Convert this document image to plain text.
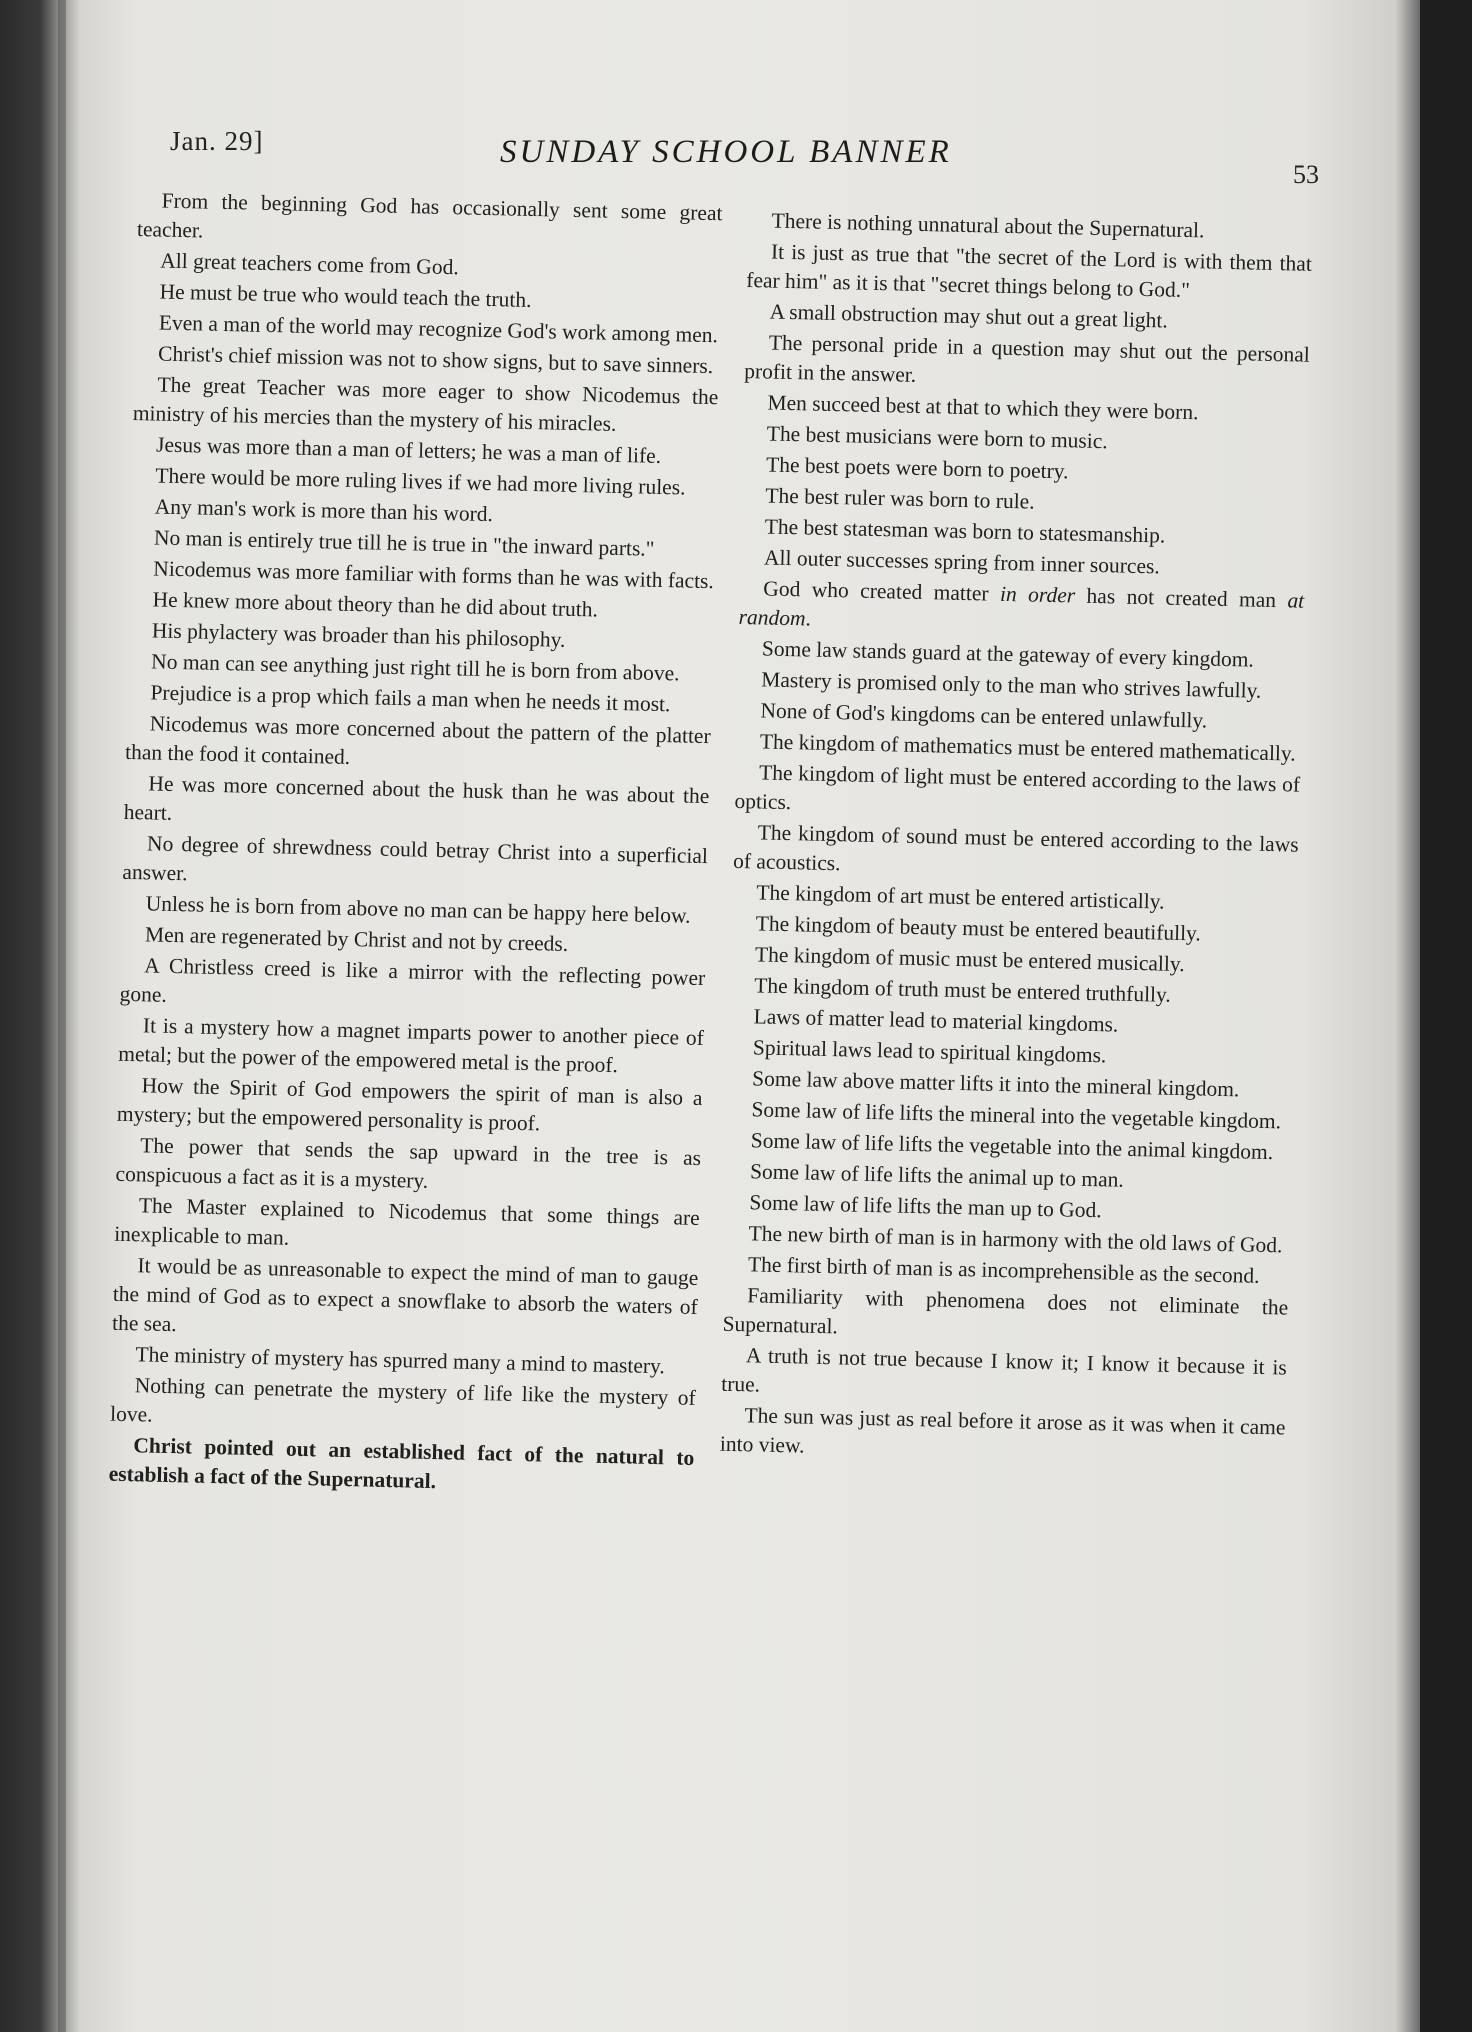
Jan. 29]	SUNDAY SCHOOL BANNER
53

From the beginning God has occasionally sent some great teacher.

All great teachers come from God.

He must be true who would teach the truth.

Even a man of the world may recognize God's work among men.

Christ's chief mission was not to show signs, but to save sinners.

The great Teacher was more eager to show Nicodemus the ministry of his mercies than the mystery of his miracles.

Jesus was more than a man of letters; he was a man of life.

There would be more ruling lives if we had more living rules.

Any man's work is more than his word.

No man is entirely true till he is true in "the inward parts."

Nicodemus was more familiar with forms than he was with facts.

He knew more about theory than he did about truth.

His phylactery was broader than his philosophy.

No man can see anything just right till he is born from above.

Prejudice is a prop which fails a man when he needs it most.

Nicodemus was more concerned about the pattern of the platter than the food it contained.

He was more concerned about the husk than he was about the heart.

No degree of shrewdness could betray Christ into a superficial answer.

Unless he is born from above no man can be happy here below.

Men are regenerated by Christ and not by creeds.

A Christless creed is like a mirror with the reflecting power gone.

It is a mystery how a magnet imparts power to another piece of metal; but the power of the empowered metal is the proof.

How the Spirit of God empowers the spirit of man is also a mystery; but the empowered personality is proof.

The power that sends the sap upward in the tree is as conspicuous a fact as it is a mystery.

The Master explained to Nicodemus that some things are inexplicable to man.

It would be as unreasonable to expect the mind of man to gauge the mind of God as to expect a snowflake to absorb the waters of the sea.

The ministry of mystery has spurred many a mind to mastery.

Nothing can penetrate the mystery of life like the mystery of love.

Christ pointed out an established fact of the natural to establish a fact of the Supernatural.

There is nothing unnatural about the Supernatural.

It is just as true that "the secret of the Lord is with them that fear him" as it is that "secret things belong to God."

A small obstruction may shut out a great light.

The personal pride in a question may shut out the personal profit in the answer.

Men succeed best at that to which they were born.

The best musicians were born to music.

The best poets were born to poetry.

The best ruler was born to rule.

The best statesman was born to statesmanship.

All outer successes spring from inner sources.

God who created matter in order has not created man at random.

Some law stands guard at the gateway of every kingdom.

Mastery is promised only to the man who strives lawfully.

None of God's kingdoms can be entered unlawfully.

The kingdom of mathematics must be entered mathematically.

The kingdom of light must be entered according to the laws of optics.

The kingdom of sound must be entered according to the laws of acoustics.

The kingdom of art must be entered artistically.

The kingdom of beauty must be entered beautifully.

The kingdom of music must be entered musically.

The kingdom of truth must be entered truthfully.

Laws of matter lead to material kingdoms.

Spiritual laws lead to spiritual kingdoms.

Some law above matter lifts it into the mineral kingdom.

Some law of life lifts the mineral into the vegetable kingdom.

Some law of life lifts the vegetable into the animal kingdom.

Some law of life lifts the animal up to man.

Some law of life lifts the man up to God.

The new birth of man is in harmony with the old laws of God.

The first birth of man is as incomprehensible as the second.

Familiarity with phenomena does not eliminate the Supernatural.

A truth is not true because I know it; I know it because it is true.

The sun was just as real before it arose as it was when it came into view.
